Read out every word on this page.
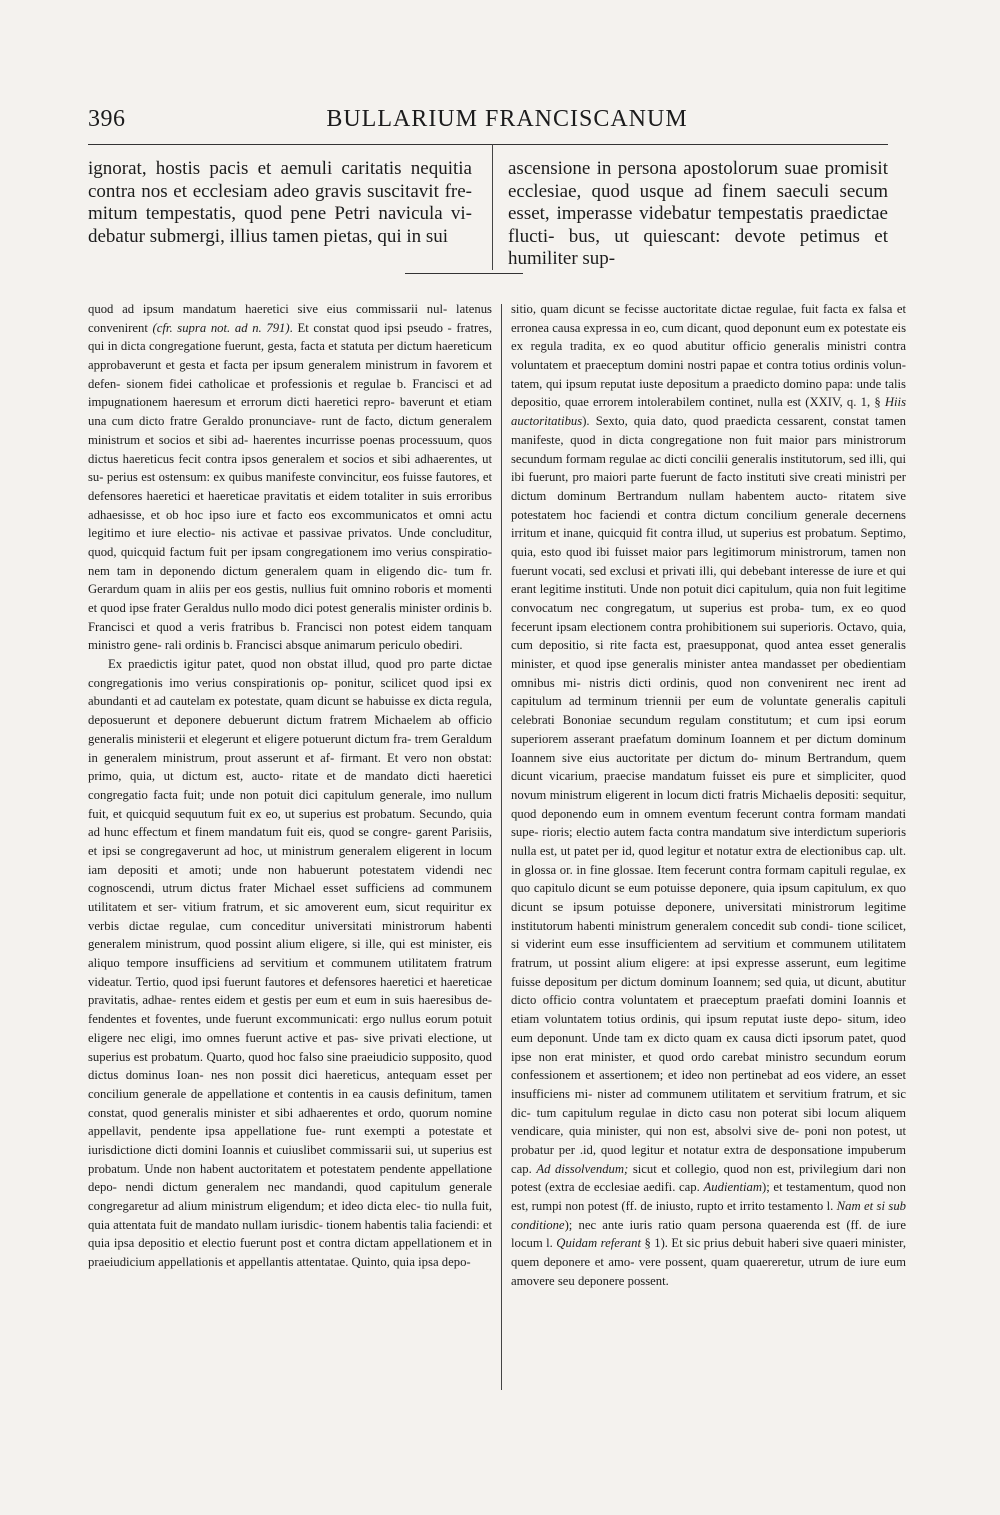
396	BULLARIUM FRANCISCANUM
ignorat, hostis pacis et aemuli caritatis nequitia contra nos et ecclesiam adeo gravis suscitavit fre- mitum tempestatis, quod pene Petri navicula vi- debatur submergi, illius tamen pietas, qui in sui
ascensione in persona apostolorum suae promisit ecclesiae, quod usque ad finem saeculi secum esset, imperasse videbatur tempestatis praedictae flucti- bus, ut quiescant: devote petimus et humiliter sup-

quod ad ipsum mandatum haeretici sive eius commissarii nul- latenus convenirent (cfr. supra not. ad n. 791). Et constat quod ipsi pseudo - fratres, qui in dicta congregatione fuerunt, gesta, facta et statuta per dictum haereticum approbaverunt et gesta et facta per ipsum generalem ministrum in favorem et defen- sionem fidei catholicae et professionis et regulae b. Francisci et ad impugnationem haeresum et errorum dicti haeretici repro- baverunt et etiam una cum dicto fratre Geraldo pronunciave- runt de facto, dictum generalem ministrum et socios et sibi ad- haerentes incurrisse poenas processuum, quos dictus haereticus fecit contra ipsos generalem et socios et sibi adhaerentes, ut su- perius est ostensum: ex quibus manifeste convincitur, eos fuisse fautores, et defensores haeretici et haereticae pravitatis et eidem totaliter in suis erroribus adhaesisse, et ob hoc ipso iure et facto eos excommunicatos et omni actu legitimo et iure electio- nis activae et passivae privatos. Unde concluditur, quod, quicquid factum fuit per ipsam congregationem imo verius conspiratio- nem tam in deponendo dictum generalem quam in eligendo dic- tum fr. Gerardum quam in aliis per eos gestis, nullius fuit omnino roboris et momenti et quod ipse frater Geraldus nullo modo dici potest generalis minister ordinis b. Francisci et quod a veris fratribus b. Francisci non potest eidem tanquam ministro gene- rali ordinis b. Francisci absque animarum periculo obediri.

Ex praedictis igitur patet, quod non obstat illud, quod pro parte dictae congregationis imo verius conspirationis op- ponitur, scilicet quod ipsi ex abundanti et ad cautelam ex potestate, quam dicunt se habuisse ex dicta regula, deposuerunt et deponere debuerunt dictum fratrem Michaelem ab officio generalis ministerii et elegerunt et eligere potuerunt dictum fra- trem Geraldum in generalem ministrum, prout asserunt et af- firmant. Et vero non obstat: primo, quia, ut dictum est, aucto- ritate et de mandato dicti haeretici congregatio facta fuit; unde non potuit dici capitulum generale, imo nullum fuit, et quicquid sequutum fuit ex eo, ut superius est probatum. Secundo, quia ad hunc effectum et finem mandatum fuit eis, quod se congre- garent Parisiis, et ipsi se congregaverunt ad hoc, ut ministrum generalem eligerent in locum iam depositi et amoti; unde non habuerunt potestatem videndi nec cognoscendi, utrum dictus frater Michael esset sufficiens ad communem utilitatem et ser- vitium fratrum, et sic amoverent eum, sicut requiritur ex verbis dictae regulae, cum conceditur universitati ministrorum habenti generalem ministrum, quod possint alium eligere, si ille, qui est minister, eis aliquo tempore insufficiens ad servitium et communem utilitatem fratrum videatur. Tertio, quod ipsi fuerunt fautores et defensores haeretici et haereticae pravitatis, adhae- rentes eidem et gestis per eum et eum in suis haeresibus de- fendentes et foventes, unde fuerunt excommunicati: ergo nullus eorum potuit eligere nec eligi, imo omnes fuerunt active et pas- sive privati electione, ut superius est probatum. Quarto, quod hoc falso sine praeiudicio supposito, quod dictus dominus Ioan- nes non possit dici haereticus, antequam esset per concilium generale de appellatione et contentis in ea causis definitum, tamen constat, quod generalis minister et sibi adhaerentes et ordo, quorum nomine appellavit, pendente ipsa appellatione fue- runt exempti a potestate et iurisdictione dicti domini Ioannis et cuiuslibet commissarii sui, ut superius est probatum. Unde non habent auctoritatem et potestatem pendente appellatione depo- nendi dictum generalem nec mandandi, quod capitulum generale congregaretur ad alium ministrum eligendum; et ideo dicta elec- tio nulla fuit, quia attentata fuit de mandato nullam iurisdic- tionem habentis talia faciendi: et quia ipsa depositio et electio fuerunt post et contra dictam appellationem et in praeiudicium appellationis et appellantis attentatae. Quinto, quia ipsa depo-

sitio, quam dicunt se fecisse auctoritate dictae regulae, fuit facta ex falsa et erronea causa expressa in eo, cum dicant, quod deponunt eum ex potestate eis ex regula tradita, ex eo quod abutitur officio generalis ministri contra voluntatem et praeceptum domini nostri papae et contra totius ordinis volun- tatem, qui ipsum reputat iuste depositum a praedicto domino papa: unde talis depositio, quae errorem intolerabilem continet, nulla est (XXIV, q. 1, § Hiis auctoritatibus). Sexto, quia dato, quod praedicta cessarent, constat tamen manifeste, quod in dicta congregatione non fuit maior pars ministrorum secundum formam regulae ac dicti concilii generalis institutorum, sed illi, qui ibi fuerunt, pro maiori parte fuerunt de facto instituti sive creati ministri per dictum dominum Bertrandum nullam habentem aucto- ritatem sive potestatem hoc faciendi et contra dictum concilium generale decernens irritum et inane, quicquid fit contra illud, ut superius est probatum. Septimo, quia, esto quod ibi fuisset maior pars legitimorum ministrorum, tamen non fuerunt vocati, sed exclusi et privati illi, qui debebant interesse de iure et qui erant legitime instituti. Unde non potuit dici capitulum, quia non fuit legitime convocatum nec congregatum, ut superius est proba- tum, ex eo quod fecerunt ipsam electionem contra prohibitionem sui superioris. Octavo, quia, cum depositio, si rite facta est, praesupponat, quod antea esset generalis minister, et quod ipse generalis minister antea mandasset per obedientiam omnibus mi- nistris dicti ordinis, quod non convenirent nec irent ad capitulum ad terminum triennii per eum de voluntate generalis capituli celebrati Bononiae secundum regulam constitutum; et cum ipsi eorum superiorem asserant praefatum dominum Ioannem et per dictum dominum Ioannem sive eius auctoritate per dictum do- minum Bertrandum, quem dicunt vicarium, praecise mandatum fuisset eis pure et simpliciter, quod novum ministrum eligerent in locum dicti fratris Michaelis depositi: sequitur, quod deponendo eum in omnem eventum fecerunt contra formam mandati supe- rioris; electio autem facta contra mandatum sive interdictum superioris nulla est, ut patet per id, quod legitur et notatur extra de electionibus cap. ult. in glossa or. in fine glossae. Item fecerunt contra formam capituli regulae, ex quo capitulo dicunt se eum potuisse deponere, quia ipsum capitulum, ex quo dicunt se ipsum potuisse deponere, universitati ministrorum legitime institutorum habenti ministrum generalem concedit sub condi- tione scilicet, si viderint eum esse insufficientem ad servitium et communem utilitatem fratrum, ut possint alium eligere: at ipsi expresse asserunt, eum legitime fuisse depositum per dictum dominum Ioannem; sed quia, ut dicunt, abutitur dicto officio contra voluntatem et praeceptum praefati domini Ioannis et etiam voluntatem totius ordinis, qui ipsum reputat iuste depo- situm, ideo eum deponunt. Unde tam ex dicto quam ex causa dicti ipsorum patet, quod ipse non erat minister, et quod ordo carebat ministro secundum eorum confessionem et assertionem; et ideo non pertinebat ad eos videre, an esset insufficiens mi- nister ad communem utilitatem et servitium fratrum, et sic dic- tum capitulum regulae in dicto casu non poterat sibi locum aliquem vendicare, quia minister, qui non est, absolvi sive de- poni non potest, ut probatur per .id, quod legitur et notatur extra de desponsatione impuberum cap. Ad dissolvendum; sicut et collegio, quod non est, privilegium dari non potest (extra de ecclesiae aedifi. cap. Audientiam); et testamentum, quod non est, rumpi non potest (ff. de iniusto, rupto et irrito testamento l. Nam et si sub conditione); nec ante iuris ratio quam persona quaerenda est (ff. de iure locum l. Quidam referant § 1). Et sic prius debuit haberi sive quaeri minister, quem deponere et amo- vere possent, quam quaereretur, utrum de iure eum amovere seu deponere possent.
